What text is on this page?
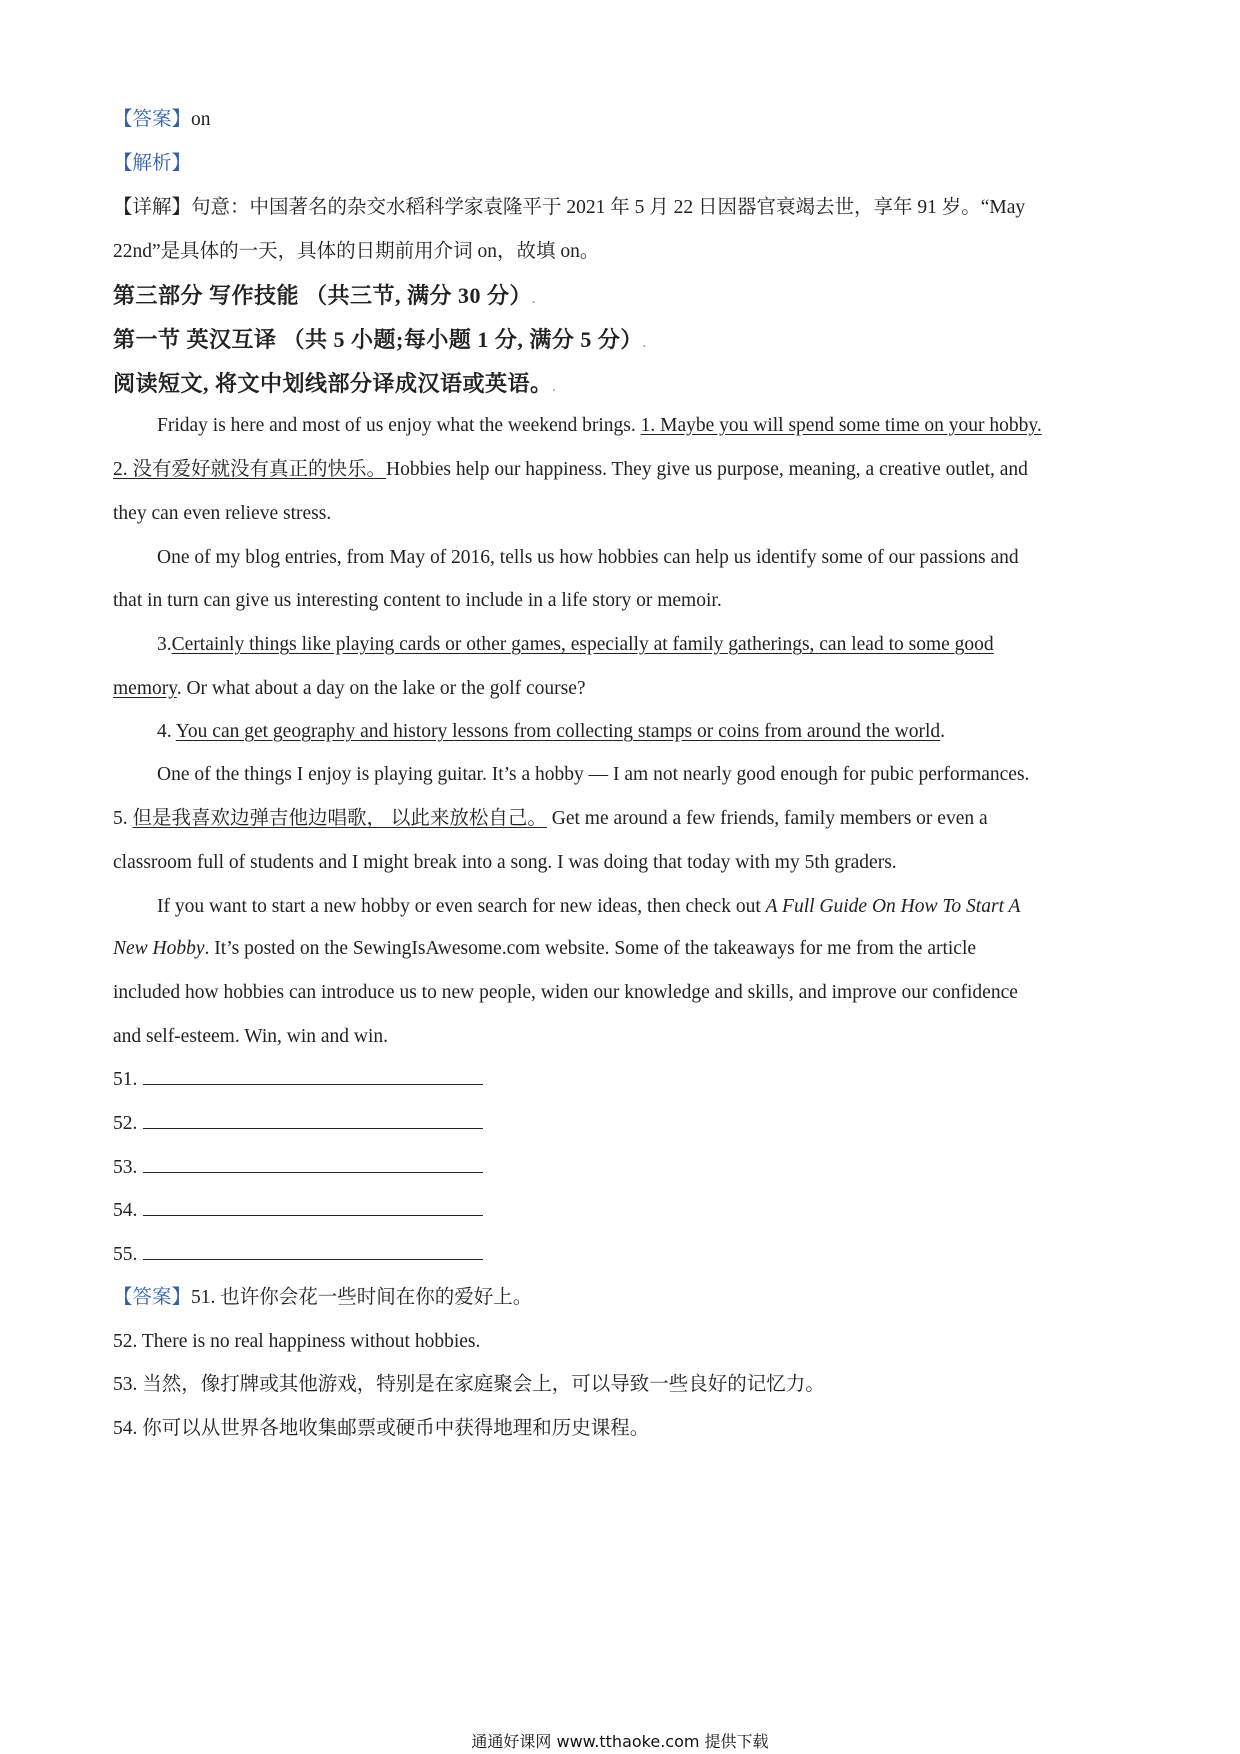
【答案】on
【解析】
【详解】句意：中国著名的杂交水稻科学家袁隆平于 2021 年 5 月 22 日因器官衰竭去世，享年 91 岁。“May
22nd”是具体的一天，具体的日期前用介词 on，故填 on。
第三部分 写作技能 （共三节, 满分 30 分）.
第一节 英汉互译 （共 5 小题;每小题 1 分, 满分 5 分）.
阅读短文, 将文中划线部分译成汉语或英语。.
Friday is here and most of us enjoy what the weekend brings. 1. Maybe you will spend some time on your hobby.
2. 没有爱好就没有真正的快乐。Hobbies help our happiness. They give us purpose, meaning, a creative outlet, and
they can even relieve stress.
One of my blog entries, from May of 2016, tells us how hobbies can help us identify some of our passions and
that in turn can give us interesting content to include in a life story or memoir.
3.Certainly things like playing cards or other games, especially at family gatherings, can lead to some good
memory. Or what about a day on the lake or the golf course?
4. You can get geography and history lessons from collecting stamps or coins from around the world.
One of the things I enjoy is playing guitar. It’s a hobby — I am not nearly good enough for pubic performances.
5. 但是我喜欢边弹吉他边唱歌， 以此来放松自己。 Get me around a few friends, family members or even a
classroom full of students and I might break into a song. I was doing that today with my 5th graders.
If you want to start a new hobby or even search for new ideas, then check out A Full Guide On How To Start A
New Hobby. It’s posted on the SewingIsAwesome.com website. Some of the takeaways for me from the article
included how hobbies can introduce us to new people, widen our knowledge and skills, and improve our confidence
and self-esteem. Win, win and win.
51.
52.
53.
54.
55.
【答案】51. 也许你会花一些时间在你的爱好上。
52. There is no real happiness without hobbies.
53. 当然，像打牌或其他游戏，特别是在家庭聚会上，可以导致一些良好的记忆力。
54. 你可以从世界各地收集邮票或硬币中获得地理和历史课程。
通通好课网 www.tthaoke.com 提供下载
